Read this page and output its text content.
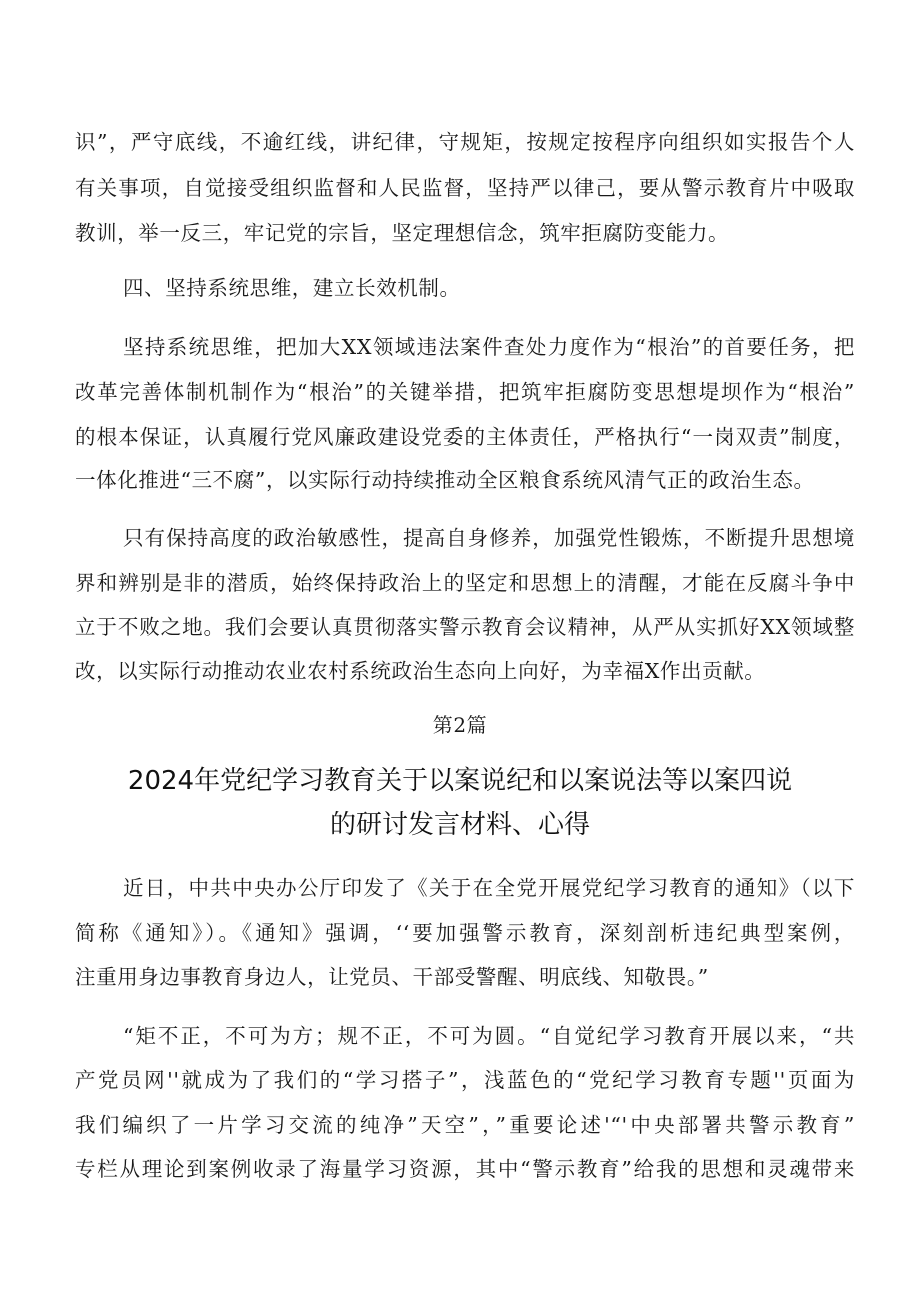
识”，严守底线，不逾红线，讲纪律，守规矩，按规定按程序向组织如实报告个人
有关事项，自觉接受组织监督和人民监督，坚持严以律己，要从警示教育片中吸取
教训，举一反三，牢记党的宗旨，坚定理想信念，筑牢拒腐防变能力。
四、坚持系统思维，建立长效机制。
坚持系统思维，把加大XX领域违法案件查处力度作为“根治”的首要任务，把
改革完善体制机制作为“根治”的关键举措，把筑牢拒腐防变思想堤坝作为“根治”
的根本保证，认真履行党风廉政建设党委的主体责任，严格执行“一岗双责”制度，
一体化推进“三不腐”，以实际行动持续推动全区粮食系统风清气正的政治生态。
只有保持高度的政治敏感性，提高自身修养，加强党性锻炼，不断提升思想境
界和辨别是非的潜质，始终保持政治上的坚定和思想上的清醒，才能在反腐斗争中
立于不败之地。我们会要认真贯彻落实警示教育会议精神，从严从实抓好XX领域整
改，以实际行动推动农业农村系统政治生态向上向好，为幸福X作出贡献。
第2篇
2024年党纪学习教育关于以案说纪和以案说法等以案四说
的研讨发言材料、心得
近日，中共中央办公厅印发了《关于在全党开展党纪学习教育的通知》（以下
简称《通知》）。《通知》强调，‘‘要加强警示教育，深刻剖析违纪典型案例，
注重用身边事教育身边人，让党员、干部受警醒、明底线、知敬畏。”
“矩不正，不可为方；规不正，不可为圆。“自觉纪学习教育开展以来，“共
产党员网''就成为了我们的“学习搭子”，浅蓝色的“党纪学习教育专题''页面为
我们编织了一片学习交流的纯净”天空”，”重要论述'“'中央部署共警示教育”
专栏从理论到案例收录了海量学习资源，其中“警示教育”给我的思想和灵魂带来
